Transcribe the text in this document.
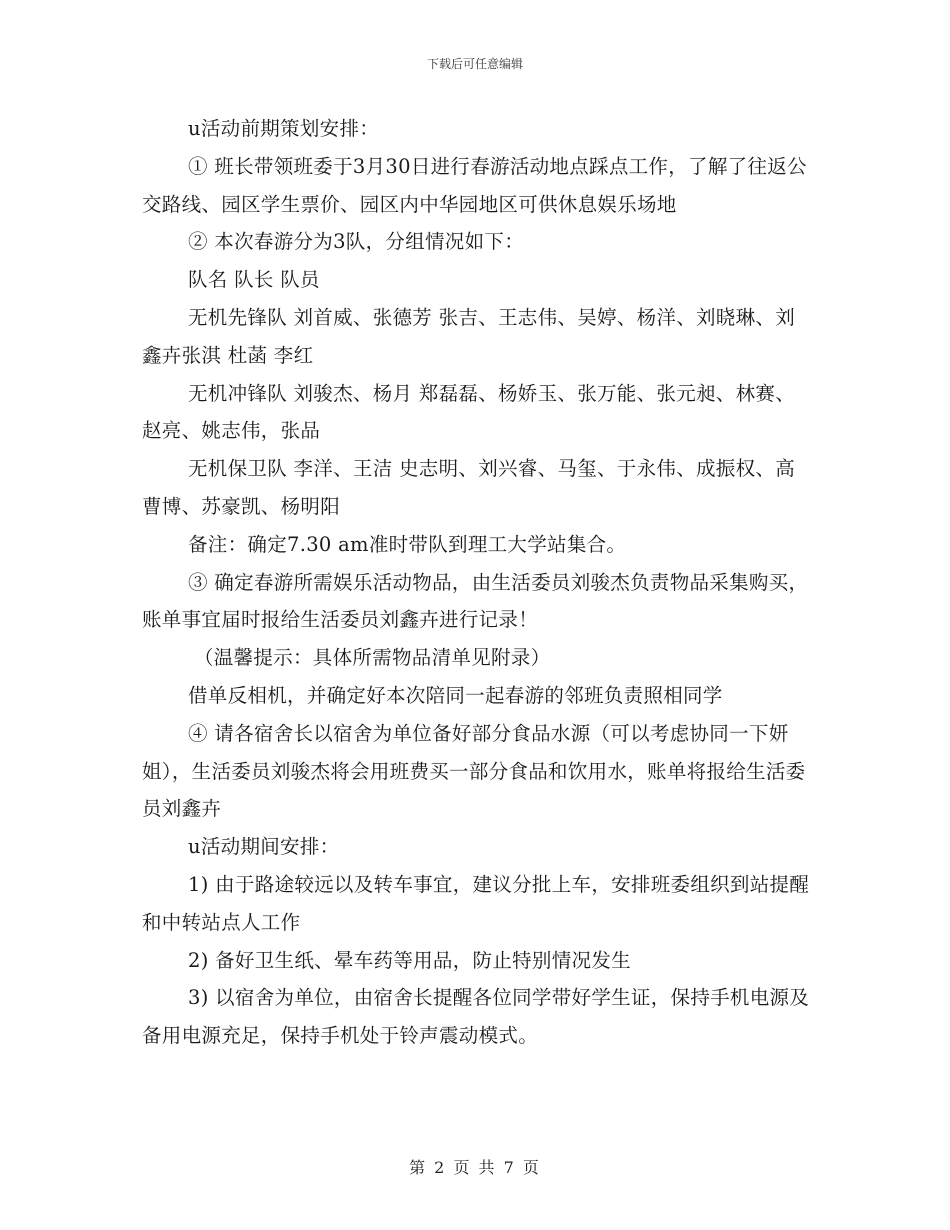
下载后可任意编辑

u活动前期策划安排：

① 班长带领班委于3月30日进行春游活动地点踩点工作，了解了往返公交路线、园区学生票价、园区内中华园地区可供休息娱乐场地

② 本次春游分为3队，分组情况如下：

队名 队长 队员

无机先锋队 刘首威、张德芳 张吉、王志伟、吴婷、杨洋、刘晓琳、刘鑫卉张淇 杜菡 李红

无机冲锋队 刘骏杰、杨月 郑磊磊、杨娇玉、张万能、张元昶、林赛、赵亮、姚志伟，张品

无机保卫队 李洋、王洁 史志明、刘兴睿、马玺、于永伟、成振权、高曹博、苏豪凯、杨明阳

备注：确定7.30 am准时带队到理工大学站集合。

③ 确定春游所需娱乐活动物品，由生活委员刘骏杰负责物品采集购买，账单事宜届时报给生活委员刘鑫卉进行记录！

（温馨提示：具体所需物品清单见附录）

借单反相机，并确定好本次陪同一起春游的邻班负责照相同学

④ 请各宿舍长以宿舍为单位备好部分食品水源（可以考虑协同一下妍姐），生活委员刘骏杰将会用班费买一部分食品和饮用水，账单将报给生活委员刘鑫卉

u活动期间安排：

1) 由于路途较远以及转车事宜，建议分批上车，安排班委组织到站提醒和中转站点人工作

2) 备好卫生纸、晕车药等用品，防止特别情况发生

3) 以宿舍为单位，由宿舍长提醒各位同学带好学生证，保持手机电源及备用电源充足，保持手机处于铃声震动模式。

第 2 页 共 7 页
